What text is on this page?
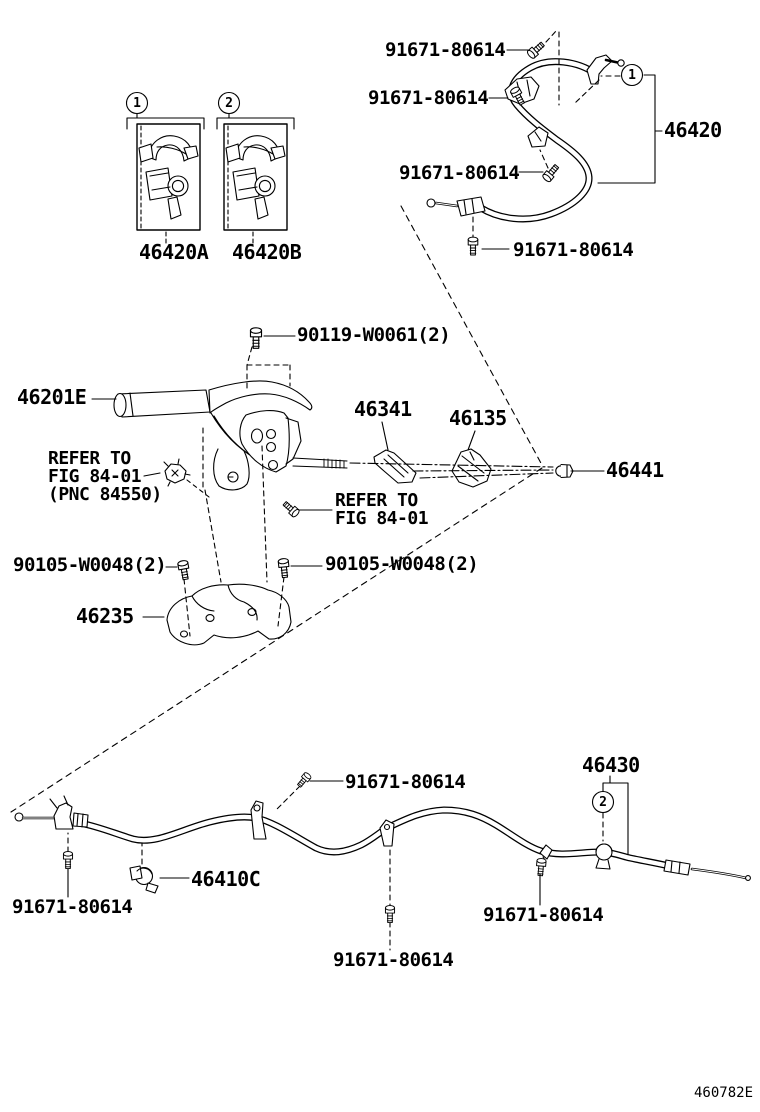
91671-80614
91671-80614
91671-80614
91671-80614
46420
46420A 46420B
90119-W0061(2)
46201E
REFER TO
FIG 84-01
(PNC 84550)
46341 46135
46441
REFER TO
FIG 84-01
90105-W0048(2)	90105-W0048(2)
46235
46430
91671-80614
46410C
91671-80614	91671-80614
91671-80614
1	2
1
2
460782E
